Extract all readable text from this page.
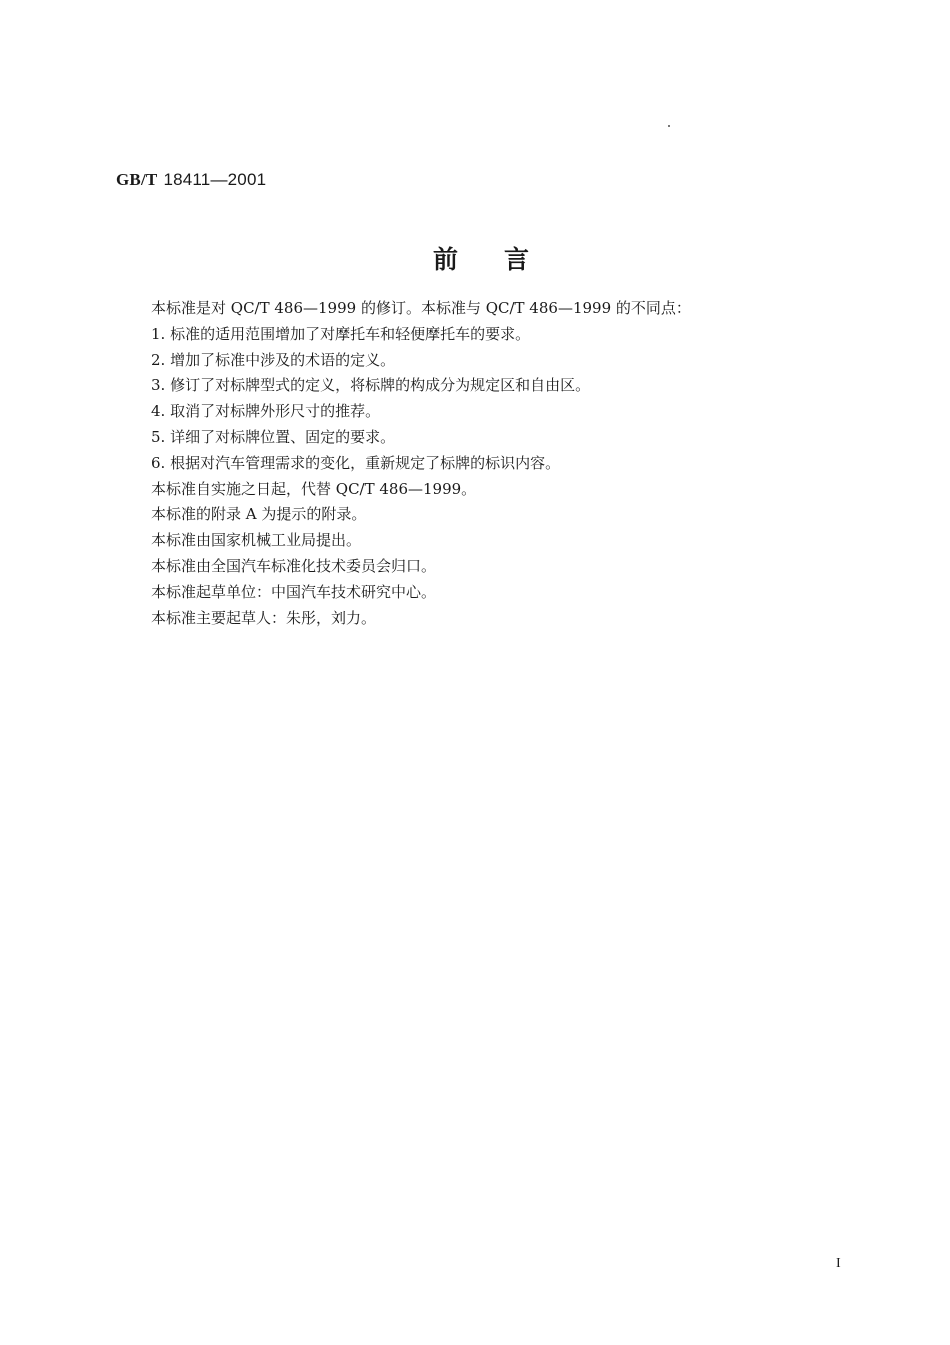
GB/T 18411—2001
前言
本标准是对 QC/T 486—1999 的修订。本标准与 QC/T 486—1999 的不同点：
1. 标准的适用范围增加了对摩托车和轻便摩托车的要求。
2. 增加了标准中涉及的术语的定义。
3. 修订了对标牌型式的定义，将标牌的构成分为规定区和自由区。
4. 取消了对标牌外形尺寸的推荐。
5. 详细了对标牌位置、固定的要求。
6. 根据对汽车管理需求的变化，重新规定了标牌的标识内容。
本标准自实施之日起，代替 QC/T 486—1999。
本标准的附录 A 为提示的附录。
本标准由国家机械工业局提出。
本标准由全国汽车标准化技术委员会归口。
本标准起草单位：中国汽车技术研究中心。
本标准主要起草人：朱彤，刘力。
I
